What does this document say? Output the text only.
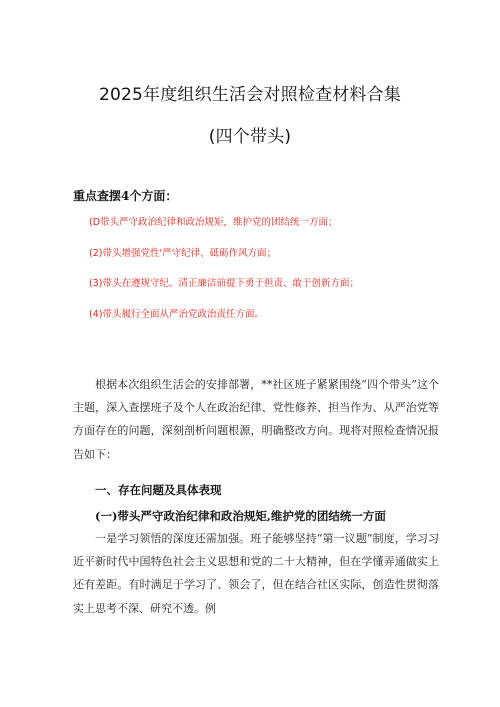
2025年度组织生活会对照检查材料合集
(四个带头)
重点查摆4个方面：
(D带头严守政治纪律和政治规矩，维护党的团结统一方面；
(2)带头增强党性'严守纪律、砥砺作风方面；
(3)带头在遵规守纪、清正廉洁前提下勇于担责、敢于创新方面；
(4)带头履行全面从严治党政治责任方面。
根据本次组织生活会的安排部署，**社区班子紧紧围绕“四个带头”这个主题，深入查摆班子及个人在政治纪律、党性修养、担当作为、从严治党等方面存在的问题，深刻剖析问题根源，明确整改方向。现将对照检查情况报告如下：
一、存在问题及具体表现
(一)带头严守政治纪律和政治规矩,维护党的团结统一方面
一是学习领悟的深度还需加强。班子能够坚持“第一议题”制度，学习习近平新时代中国特色社会主义思想和党的二十大精神，但在学懂弄通做实上还有差距。有时满足于学习了、领会了，但在结合社区实际，创造性贯彻落实上思考不深、研究不透。例
